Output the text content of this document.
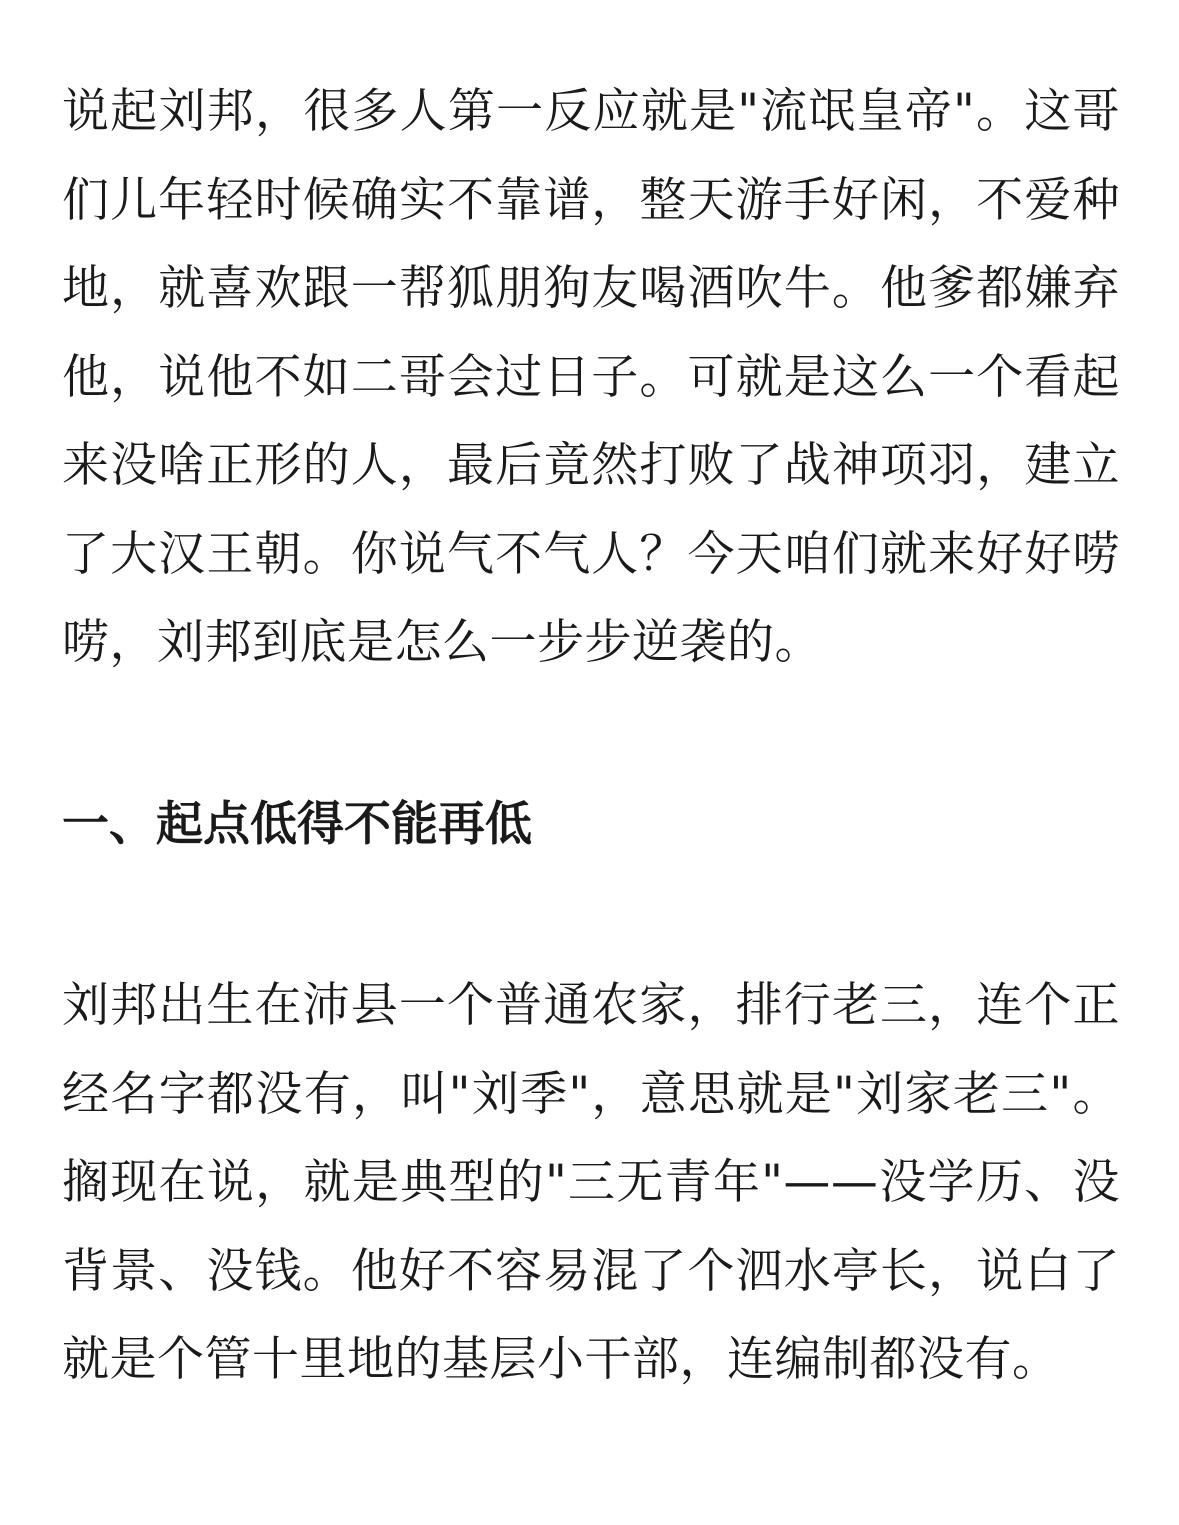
说起刘邦，很多人第一反应就是"流氓皇帝"。这哥们儿年轻时候确实不靠谱，整天游手好闲，不爱种地，就喜欢跟一帮狐朋狗友喝酒吹牛。他爹都嫌弃他，说他不如二哥会过日子。可就是这么一个看起来没啥正形的人，最后竟然打败了战神项羽，建立了大汉王朝。你说气不气人？今天咱们就来好好唠唠，刘邦到底是怎么一步步逆袭的。

一、起点低得不能再低

刘邦出生在沛县一个普通农家，排行老三，连个正经名字都没有，叫"刘季"，意思就是"刘家老三"。搁现在说，就是典型的"三无青年"——没学历、没背景、没钱。他好不容易混了个泗水亭长，说白了就是个管十里地的基层小干部，连编制都没有。
